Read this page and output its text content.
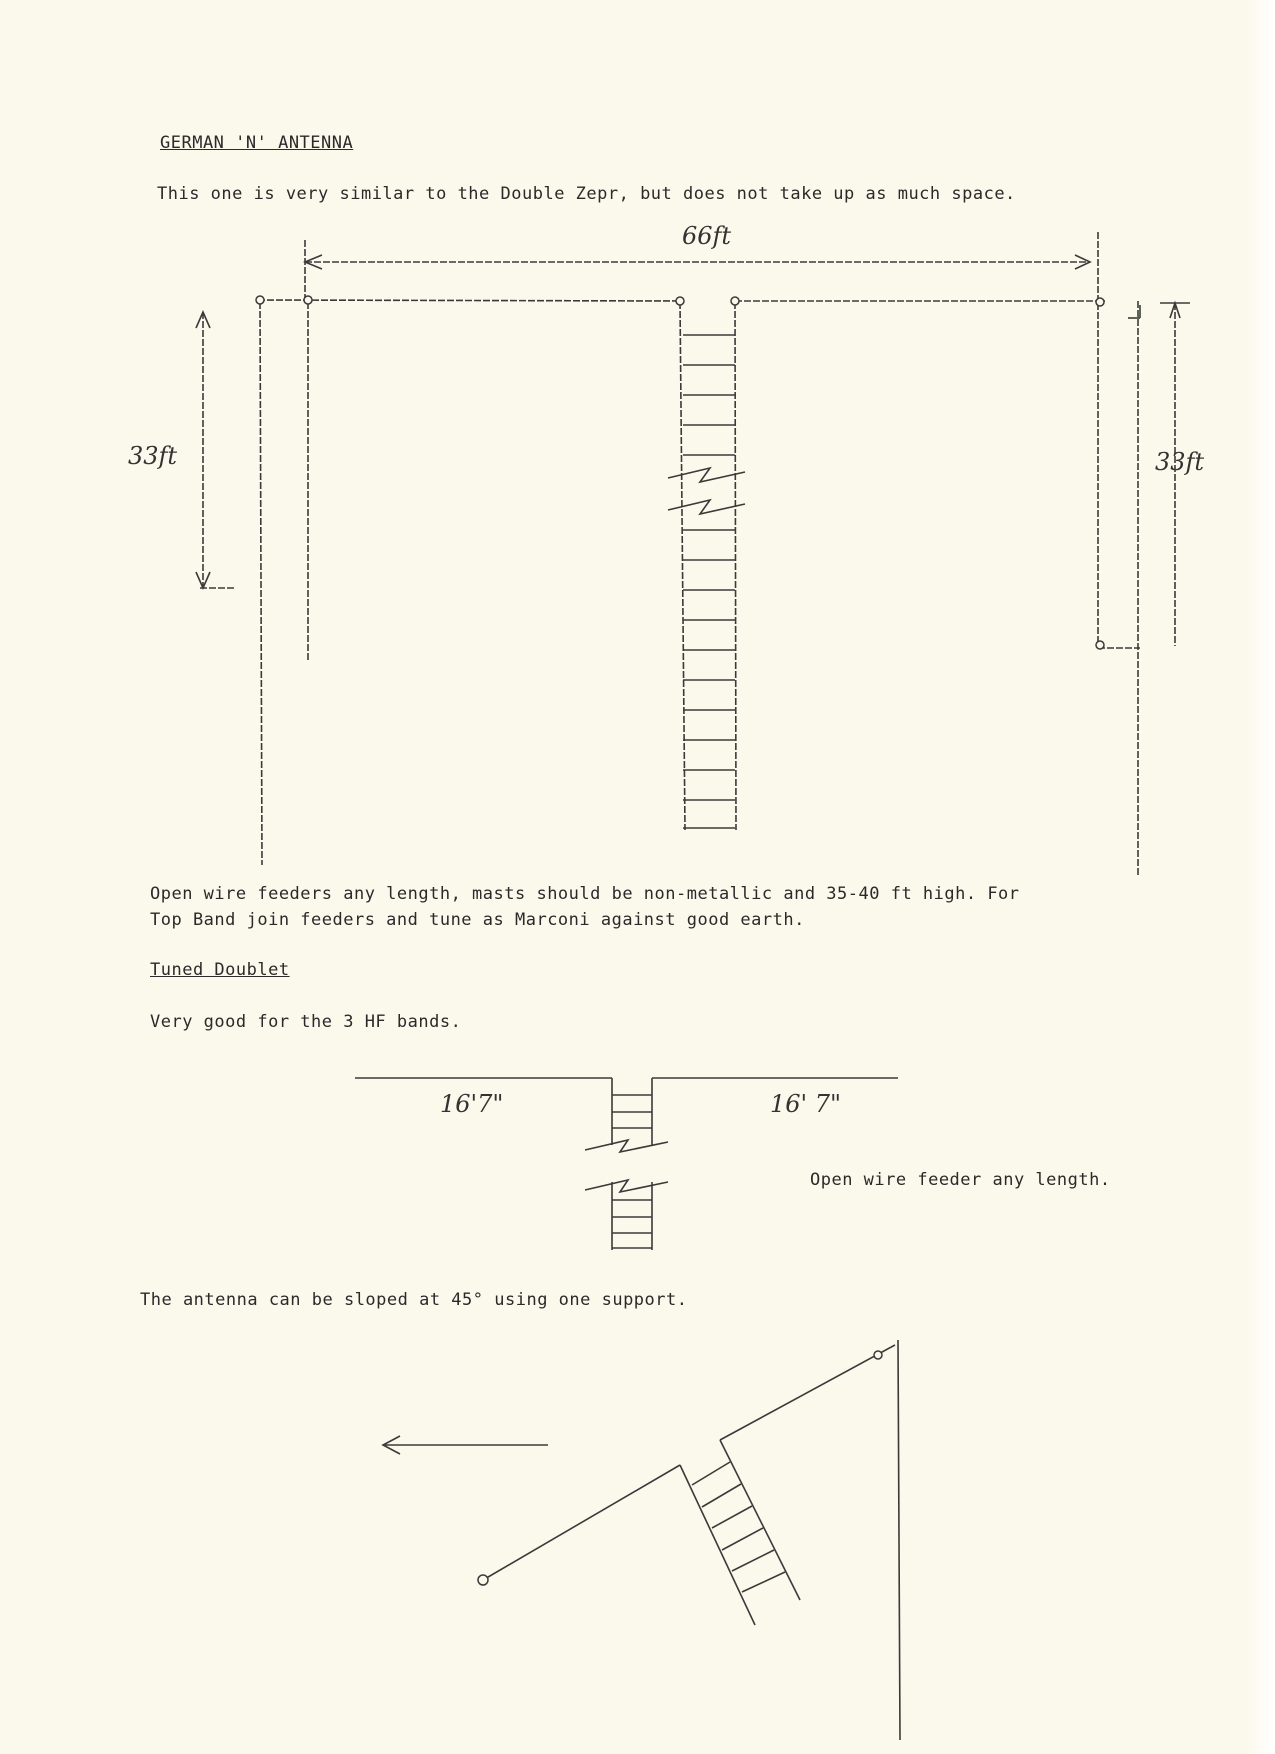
GERMAN 'N' ANTENNA
This one is very similar to the Double Zepr, but does not take up as much space.
66ft
33ft	33ft
Open wire feeders any length, masts should be non-metallic and 35-40 ft high. For
Top Band join feeders and tune as Marconi against good earth.
Tuned Doublet
Very good for the 3 HF bands.
16'7"	16' 7"
Open wire feeder any length.
The antenna can be sloped at 45° using one support.
